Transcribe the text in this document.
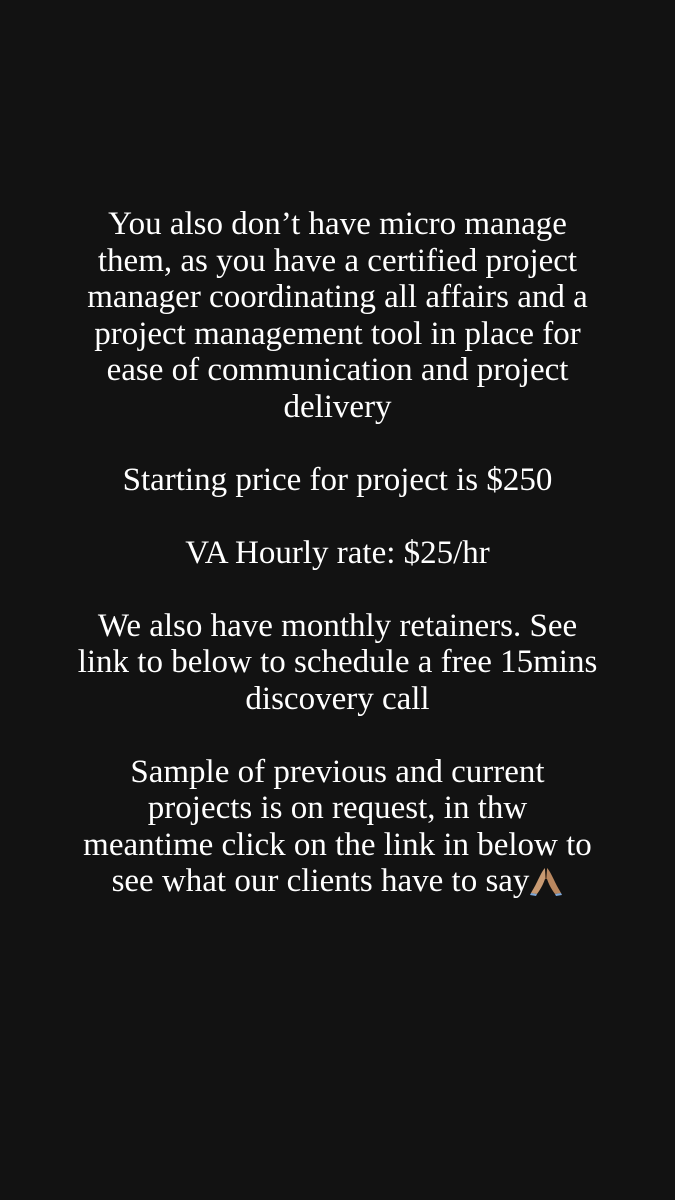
You also don’t have micro manage
them, as you have a certified project
manager coordinating all affairs and a
project management tool in place for
ease of communication and project
delivery

Starting price for project is $250

VA Hourly rate: $25/hr

We also have monthly retainers. See
link to below to schedule a free 15mins
discovery call

Sample of previous and current
projects is on request, in thw
meantime click on the link in below to
see what our clients have to say
